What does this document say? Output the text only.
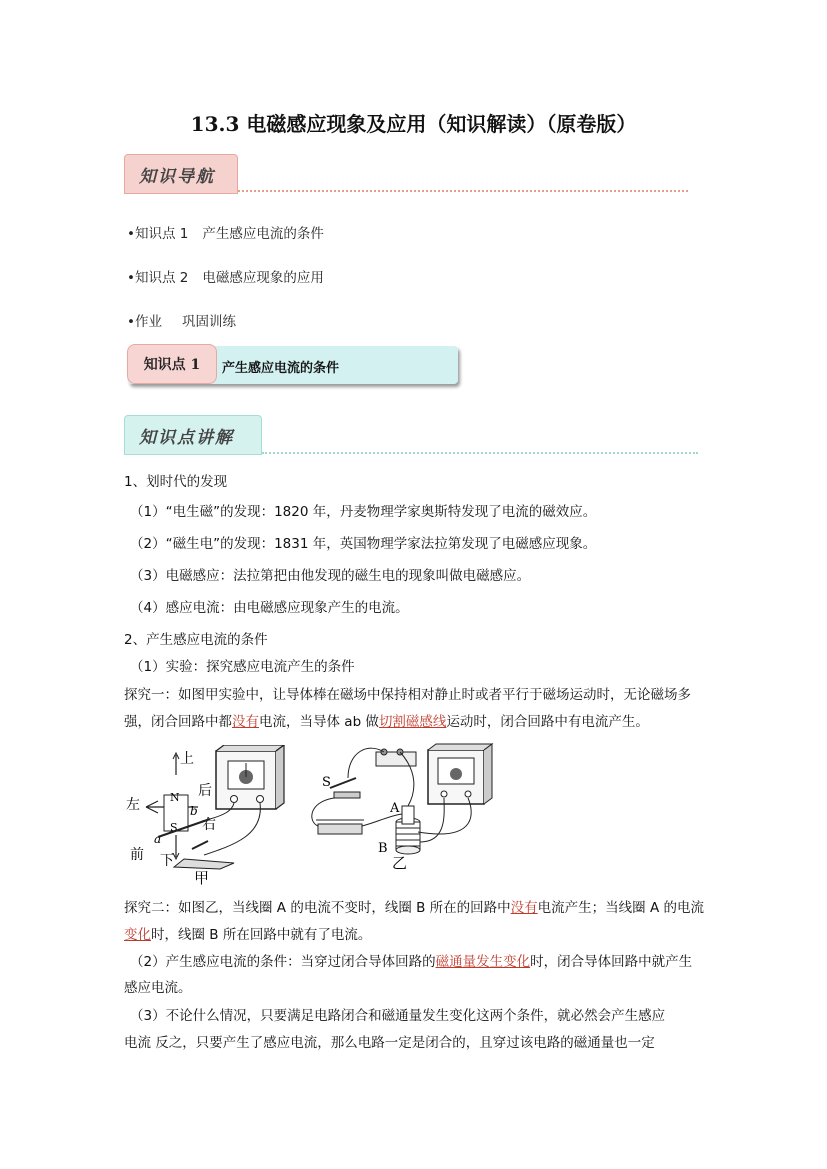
13.3 电磁感应现象及应用（知识解读）（原卷版）
知识导航
•知识点 1 产生感应电流的条件
•知识点 2 电磁感应现象的应用
•作业 巩固训练
知识点 1	产生感应电流的条件
知识点讲解
1、划时代的发现
（1）“电生磁”的发现：1820 年，丹麦物理学家奥斯特发现了电流的磁效应。
（2）“磁生电”的发现：1831 年，英国物理学家法拉第发现了电磁感应现象。
（3）电磁感应：法拉第把由他发现的磁生电的现象叫做电磁感应。
（4）感应电流：由电磁感应现象产生的电流。
2、产生感应电流的条件
（1）实验：探究感应电流产生的条件
探究一：如图甲实验中，让导体棒在磁场中保持相对静止时或者平行于磁场运动时，无论磁场多
强，闭合回路中都没有电流，当导体 ab 做切割磁感线运动时，闭合回路中有电流产生。
上
下
左
右
前
后
N
S
a
b
甲
S
A
B
乙
探究二：如图乙，当线圈 A 的电流不变时，线圈 B 所在的回路中没有电流产生；当线圈 A 的电流
变化时，线圈 B 所在回路中就有了电流。
（2）产生感应电流的条件：当穿过闭合导体回路的磁通量发生变化时，闭合导体回路中就产生
感应电流。
（3）不论什么情况，只要满足电路闭合和磁通量发生变化这两个条件，就必然会产生感应
电流 反之，只要产生了感应电流，那么电路一定是闭合的，且穿过该电路的磁通量也一定
